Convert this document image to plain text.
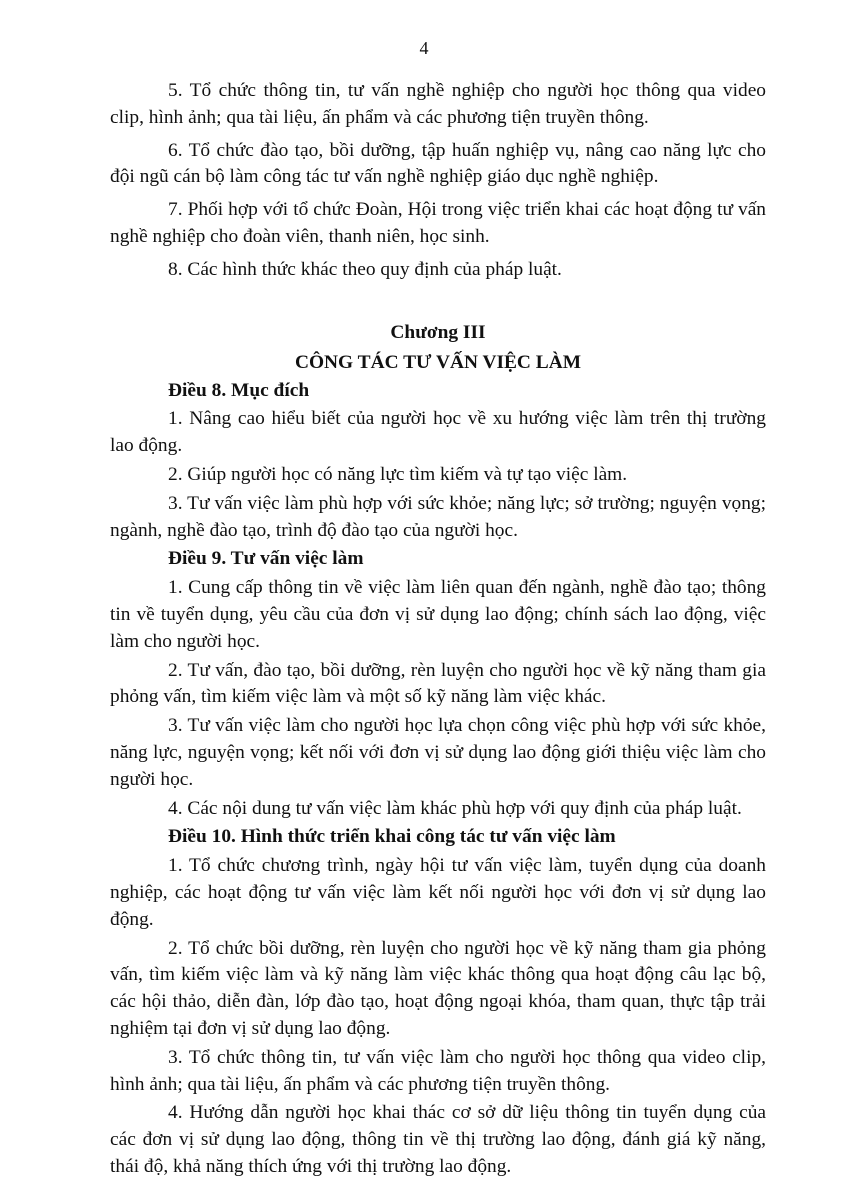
4

5. Tổ chức thông tin, tư vấn nghề nghiệp cho người học thông qua video clip, hình ảnh; qua tài liệu, ấn phẩm và các phương tiện truyền thông.

6. Tổ chức đào tạo, bồi dưỡng, tập huấn nghiệp vụ, nâng cao năng lực cho đội ngũ cán bộ làm công tác tư vấn nghề nghiệp giáo dục nghề nghiệp.

7. Phối hợp với tổ chức Đoàn, Hội trong việc triển khai các hoạt động tư vấn nghề nghiệp cho đoàn viên, thanh niên, học sinh.

8. Các hình thức khác theo quy định của pháp luật.

Chương III
CÔNG TÁC TƯ VẤN VIỆC LÀM
Điều 8. Mục đích

1. Nâng cao hiểu biết của người học về xu hướng việc làm trên thị trường lao động.

2. Giúp người học có năng lực tìm kiếm và tự tạo việc làm.

3. Tư vấn việc làm phù hợp với sức khỏe; năng lực; sở trường; nguyện vọng; ngành, nghề đào tạo, trình độ đào tạo của người học.

Điều 9. Tư vấn việc làm

1. Cung cấp thông tin về việc làm liên quan đến ngành, nghề đào tạo; thông tin về tuyển dụng, yêu cầu của đơn vị sử dụng lao động; chính sách lao động, việc làm cho người học.

2. Tư vấn, đào tạo, bồi dưỡng, rèn luyện cho người học về kỹ năng tham gia phỏng vấn, tìm kiếm việc làm và một số kỹ năng làm việc khác.

3. Tư vấn việc làm cho người học lựa chọn công việc phù hợp với sức khỏe, năng lực, nguyện vọng; kết nối với đơn vị sử dụng lao động giới thiệu việc làm cho người học.

4. Các nội dung tư vấn việc làm khác phù hợp với quy định của pháp luật.

Điều 10. Hình thức triển khai công tác tư vấn việc làm

1. Tổ chức chương trình, ngày hội tư vấn việc làm, tuyển dụng của doanh nghiệp, các hoạt động tư vấn việc làm kết nối người học với đơn vị sử dụng lao động.

2. Tổ chức bồi dưỡng, rèn luyện cho người học về kỹ năng tham gia phỏng vấn, tìm kiếm việc làm và kỹ năng làm việc khác thông qua hoạt động câu lạc bộ, các hội thảo, diễn đàn, lớp đào tạo, hoạt động ngoại khóa, tham quan, thực tập trải nghiệm tại đơn vị sử dụng lao động.

3. Tổ chức thông tin, tư vấn việc làm cho người học thông qua video clip, hình ảnh; qua tài liệu, ấn phẩm và các phương tiện truyền thông.

4. Hướng dẫn người học khai thác cơ sở dữ liệu thông tin tuyển dụng của các đơn vị sử dụng lao động, thông tin về thị trường lao động, đánh giá kỹ năng, thái độ, khả năng thích ứng với thị trường lao động.
